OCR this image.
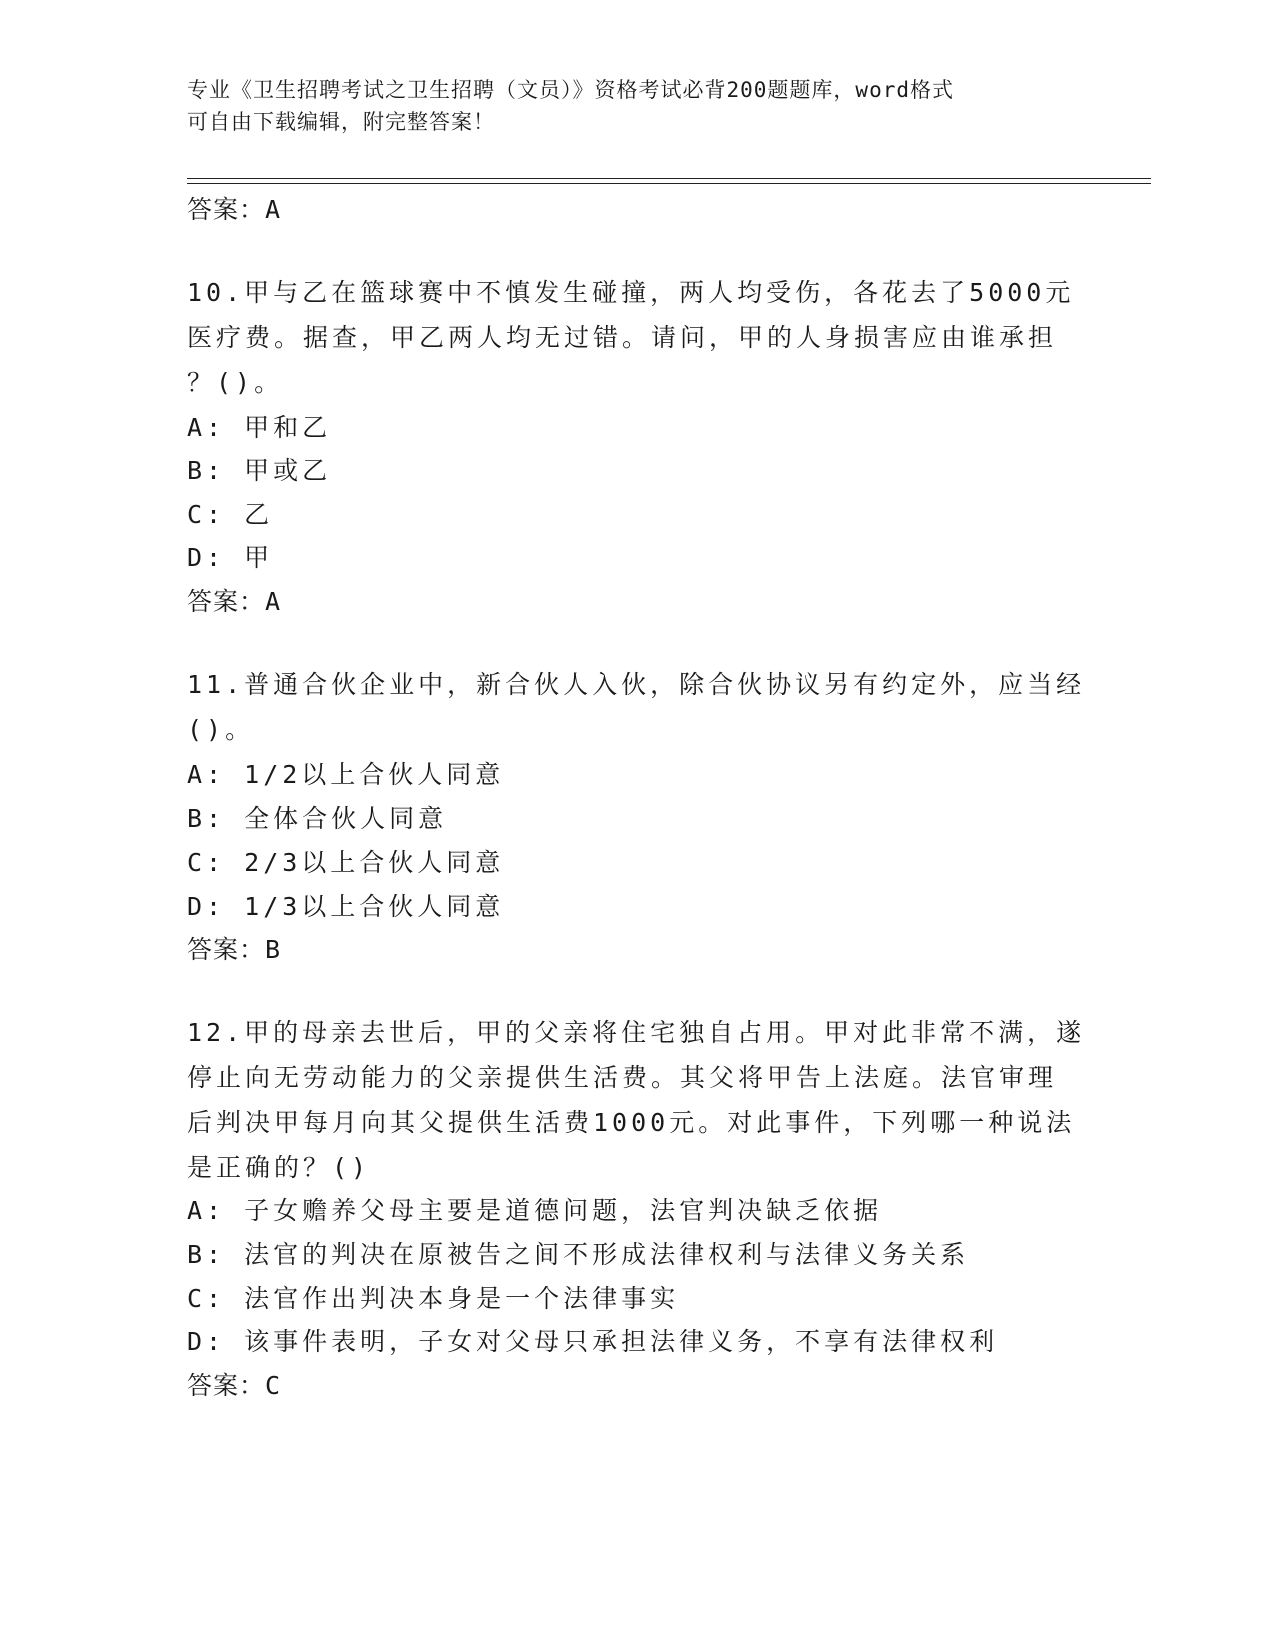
专业《卫生招聘考试之卫生招聘（文员）》资格考试必背200题题库，word格式
可自由下载编辑，附完整答案！
答案：A
10.甲与乙在篮球赛中不慎发生碰撞，两人均受伤，各花去了5000元
医疗费。据查，甲乙两人均无过错。请问，甲的人身损害应由谁承担
？()。
A: 甲和乙
B: 甲或乙
C: 乙
D: 甲
答案：A
11.普通合伙企业中，新合伙人入伙，除合伙协议另有约定外，应当经
()。
A: 1/2以上合伙人同意
B: 全体合伙人同意
C: 2/3以上合伙人同意
D: 1/3以上合伙人同意
答案：B
12.甲的母亲去世后，甲的父亲将住宅独自占用。甲对此非常不满，遂
停止向无劳动能力的父亲提供生活费。其父将甲告上法庭。法官审理
后判决甲每月向其父提供生活费1000元。对此事件，下列哪一种说法
是正确的？()
A: 子女赡养父母主要是道德问题，法官判决缺乏依据
B: 法官的判决在原被告之间不形成法律权利与法律义务关系
C: 法官作出判决本身是一个法律事实
D: 该事件表明，子女对父母只承担法律义务，不享有法律权利
答案：C
